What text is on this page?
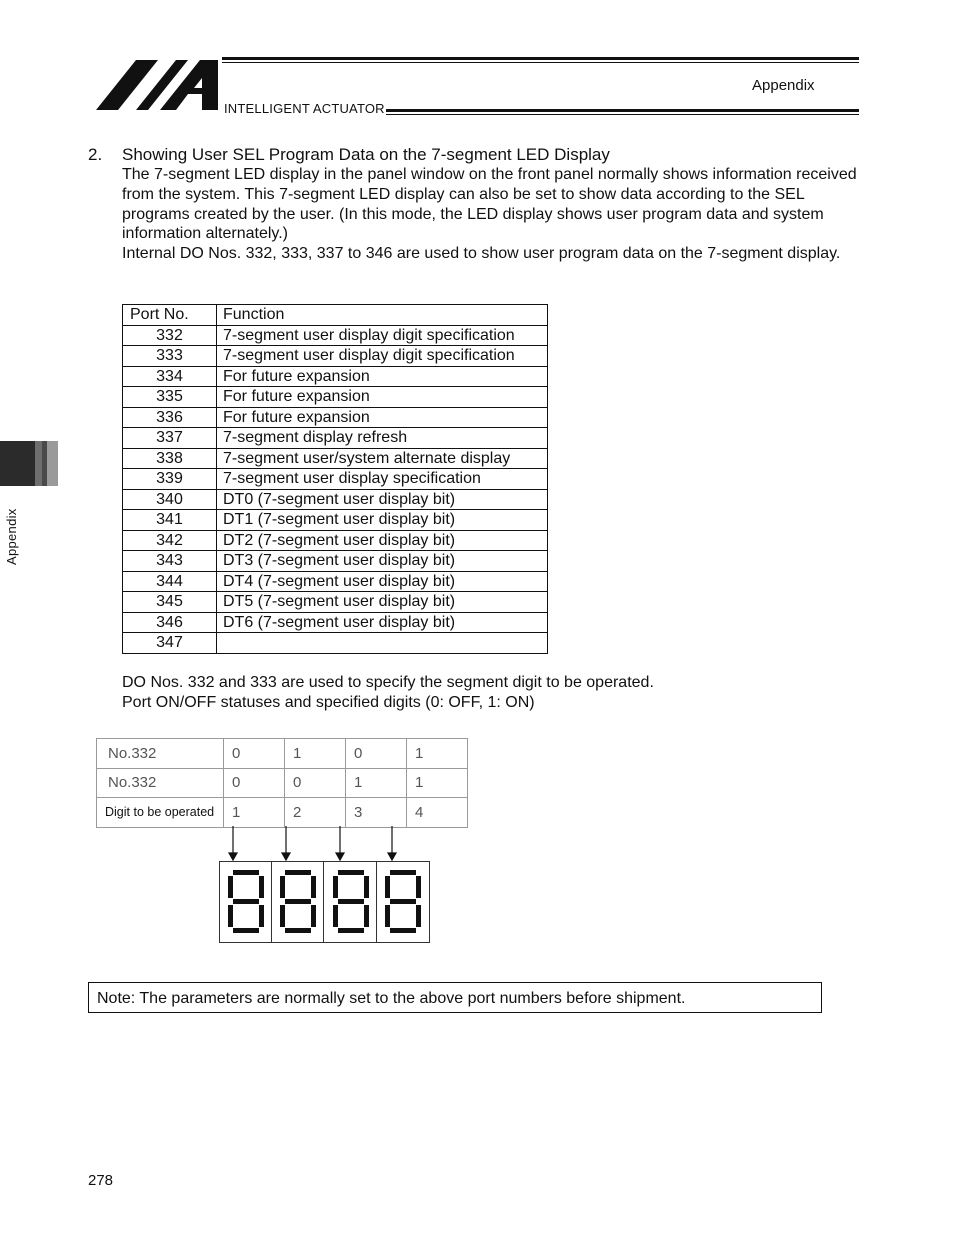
INTELLIGENT ACTUATOR
Appendix
Appendix
2. Showing User SEL Program Data on the 7-segment LED Display

The 7-segment LED display in the panel window on the front panel normally shows information received from the system. This 7-segment LED display can also be set to show data according to the SEL programs created by the user. (In this mode, the LED display shows user program data and system information alternately.)

Internal DO Nos. 332, 333, 337 to 346 are used to show user program data on the 7-segment display.

Port No.	Function
332	7-segment user display digit specification
333	7-segment user display digit specification
334	For future expansion
335	For future expansion
336	For future expansion
337	7-segment display refresh
338	7-segment user/system alternate display
339	7-segment user display specification
340	DT0 (7-segment user display bit)
341	DT1 (7-segment user display bit)
342	DT2 (7-segment user display bit)
343	DT3 (7-segment user display bit)
344	DT4 (7-segment user display bit)
345	DT5 (7-segment user display bit)
346	DT6 (7-segment user display bit)
347	

DO Nos. 332 and 333 are used to specify the segment digit to be operated.

Port ON/OFF statuses and specified digits (0: OFF, 1: ON)

No.332	0	1	0	1
No.332	0	0	1	1
Digit to be operated	1	2	3	4
Note: The parameters are normally set to the above port numbers before shipment.
278
